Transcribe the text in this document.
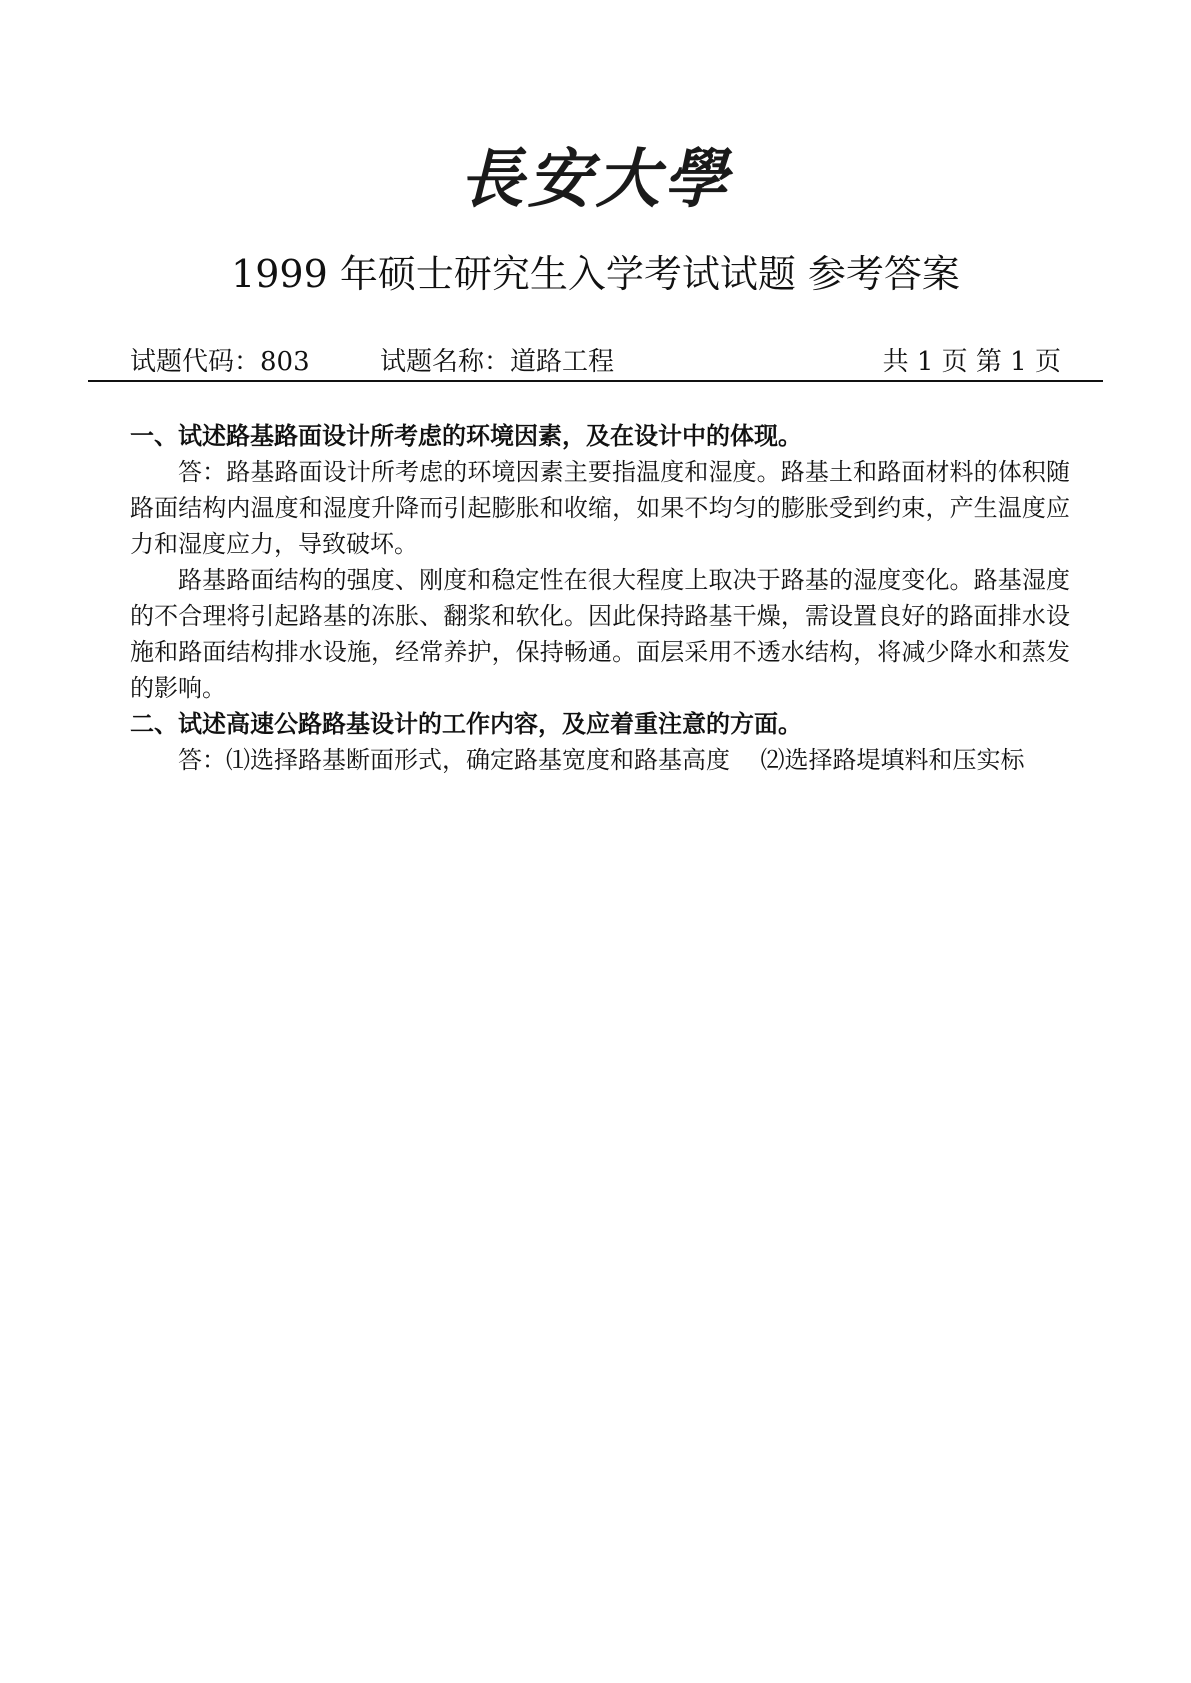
長安大學
1999 年硕士研究生入学考试试题 参考答案
试题代码：803	试题名称：道路工程	共 1 页 第 1 页

一、试述路基路面设计所考虑的环境因素，及在设计中的体现。

答：路基路面设计所考虑的环境因素主要指温度和湿度。路基土和路面材料的体积随路面结构内温度和湿度升降而引起膨胀和收缩，如果不均匀的膨胀受到约束，产生温度应力和湿度应力，导致破坏。

路基路面结构的强度、刚度和稳定性在很大程度上取决于路基的湿度变化。路基湿度的不合理将引起路基的冻胀、翻浆和软化。因此保持路基干燥，需设置良好的路面排水设施和路面结构排水设施，经常养护，保持畅通。面层采用不透水结构，将减少降水和蒸发的影响。

二、试述高速公路路基设计的工作内容，及应着重注意的方面。

答：⑴选择路基断面形式，确定路基宽度和路基高度    ⑵选择路堤填料和压实标
